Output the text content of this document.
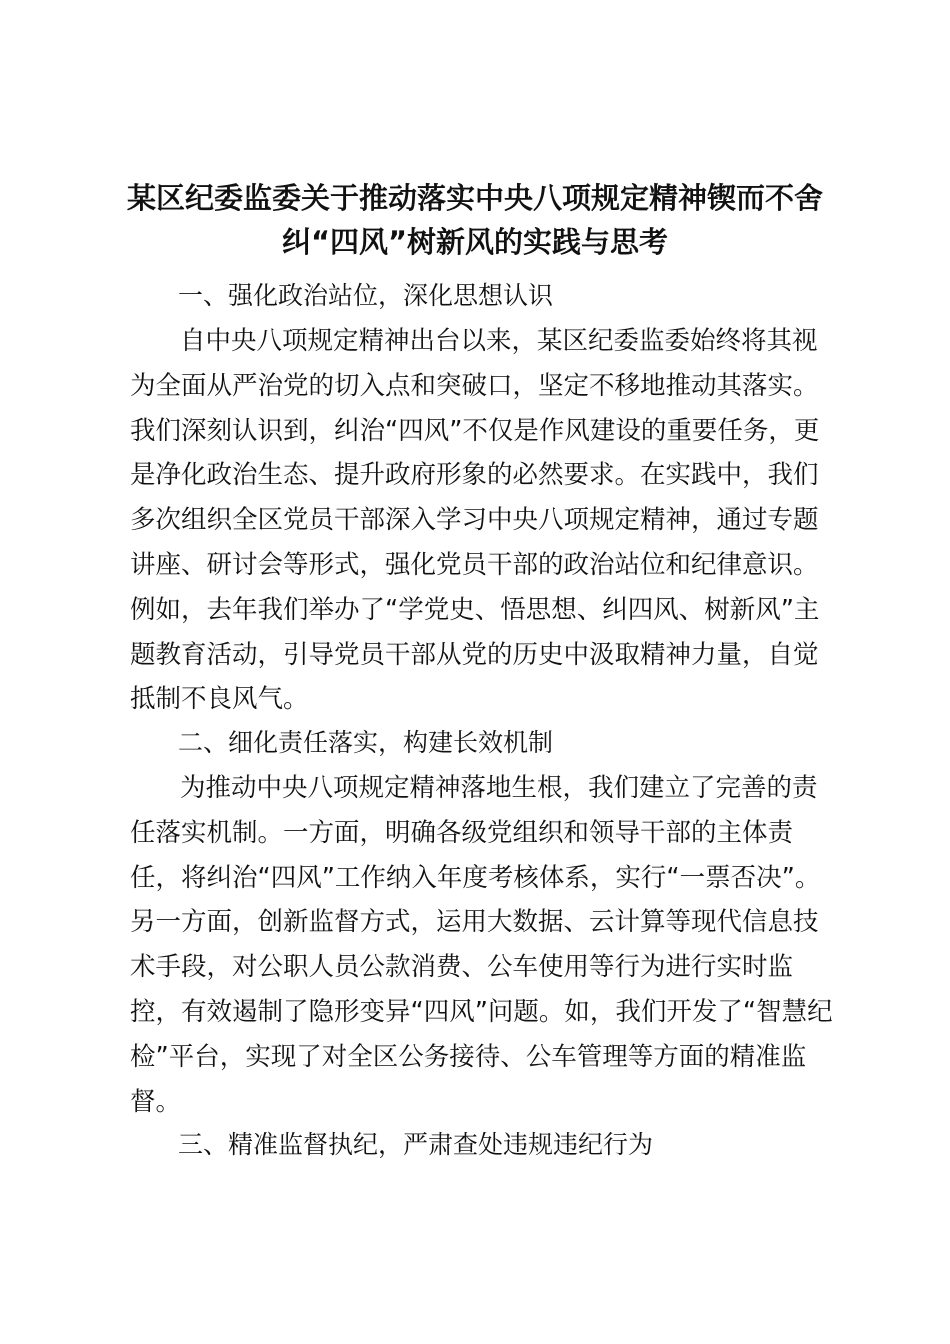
某区纪委监委关于推动落实中央八项规定精神锲而不舍
纠“四风”树新风的实践与思考
一、强化政治站位，深化思想认识
自中央八项规定精神出台以来，某区纪委监委始终将其视
为全面从严治党的切入点和突破口，坚定不移地推动其落实。
我们深刻认识到，纠治“四风”不仅是作风建设的重要任务，更
是净化政治生态、提升政府形象的必然要求。在实践中，我们
多次组织全区党员干部深入学习中央八项规定精神，通过专题
讲座、研讨会等形式，强化党员干部的政治站位和纪律意识。
例如，去年我们举办了“学党史、悟思想、纠四风、树新风”主
题教育活动，引导党员干部从党的历史中汲取精神力量，自觉
抵制不良风气。
二、细化责任落实，构建长效机制
为推动中央八项规定精神落地生根，我们建立了完善的责
任落实机制。一方面，明确各级党组织和领导干部的主体责
任，将纠治“四风”工作纳入年度考核体系，实行“一票否决”。
另一方面，创新监督方式，运用大数据、云计算等现代信息技
术手段，对公职人员公款消费、公车使用等行为进行实时监
控，有效遏制了隐形变异“四风”问题。如，我们开发了“智慧纪
检”平台，实现了对全区公务接待、公车管理等方面的精准监
督。
三、精准监督执纪，严肃查处违规违纪行为
